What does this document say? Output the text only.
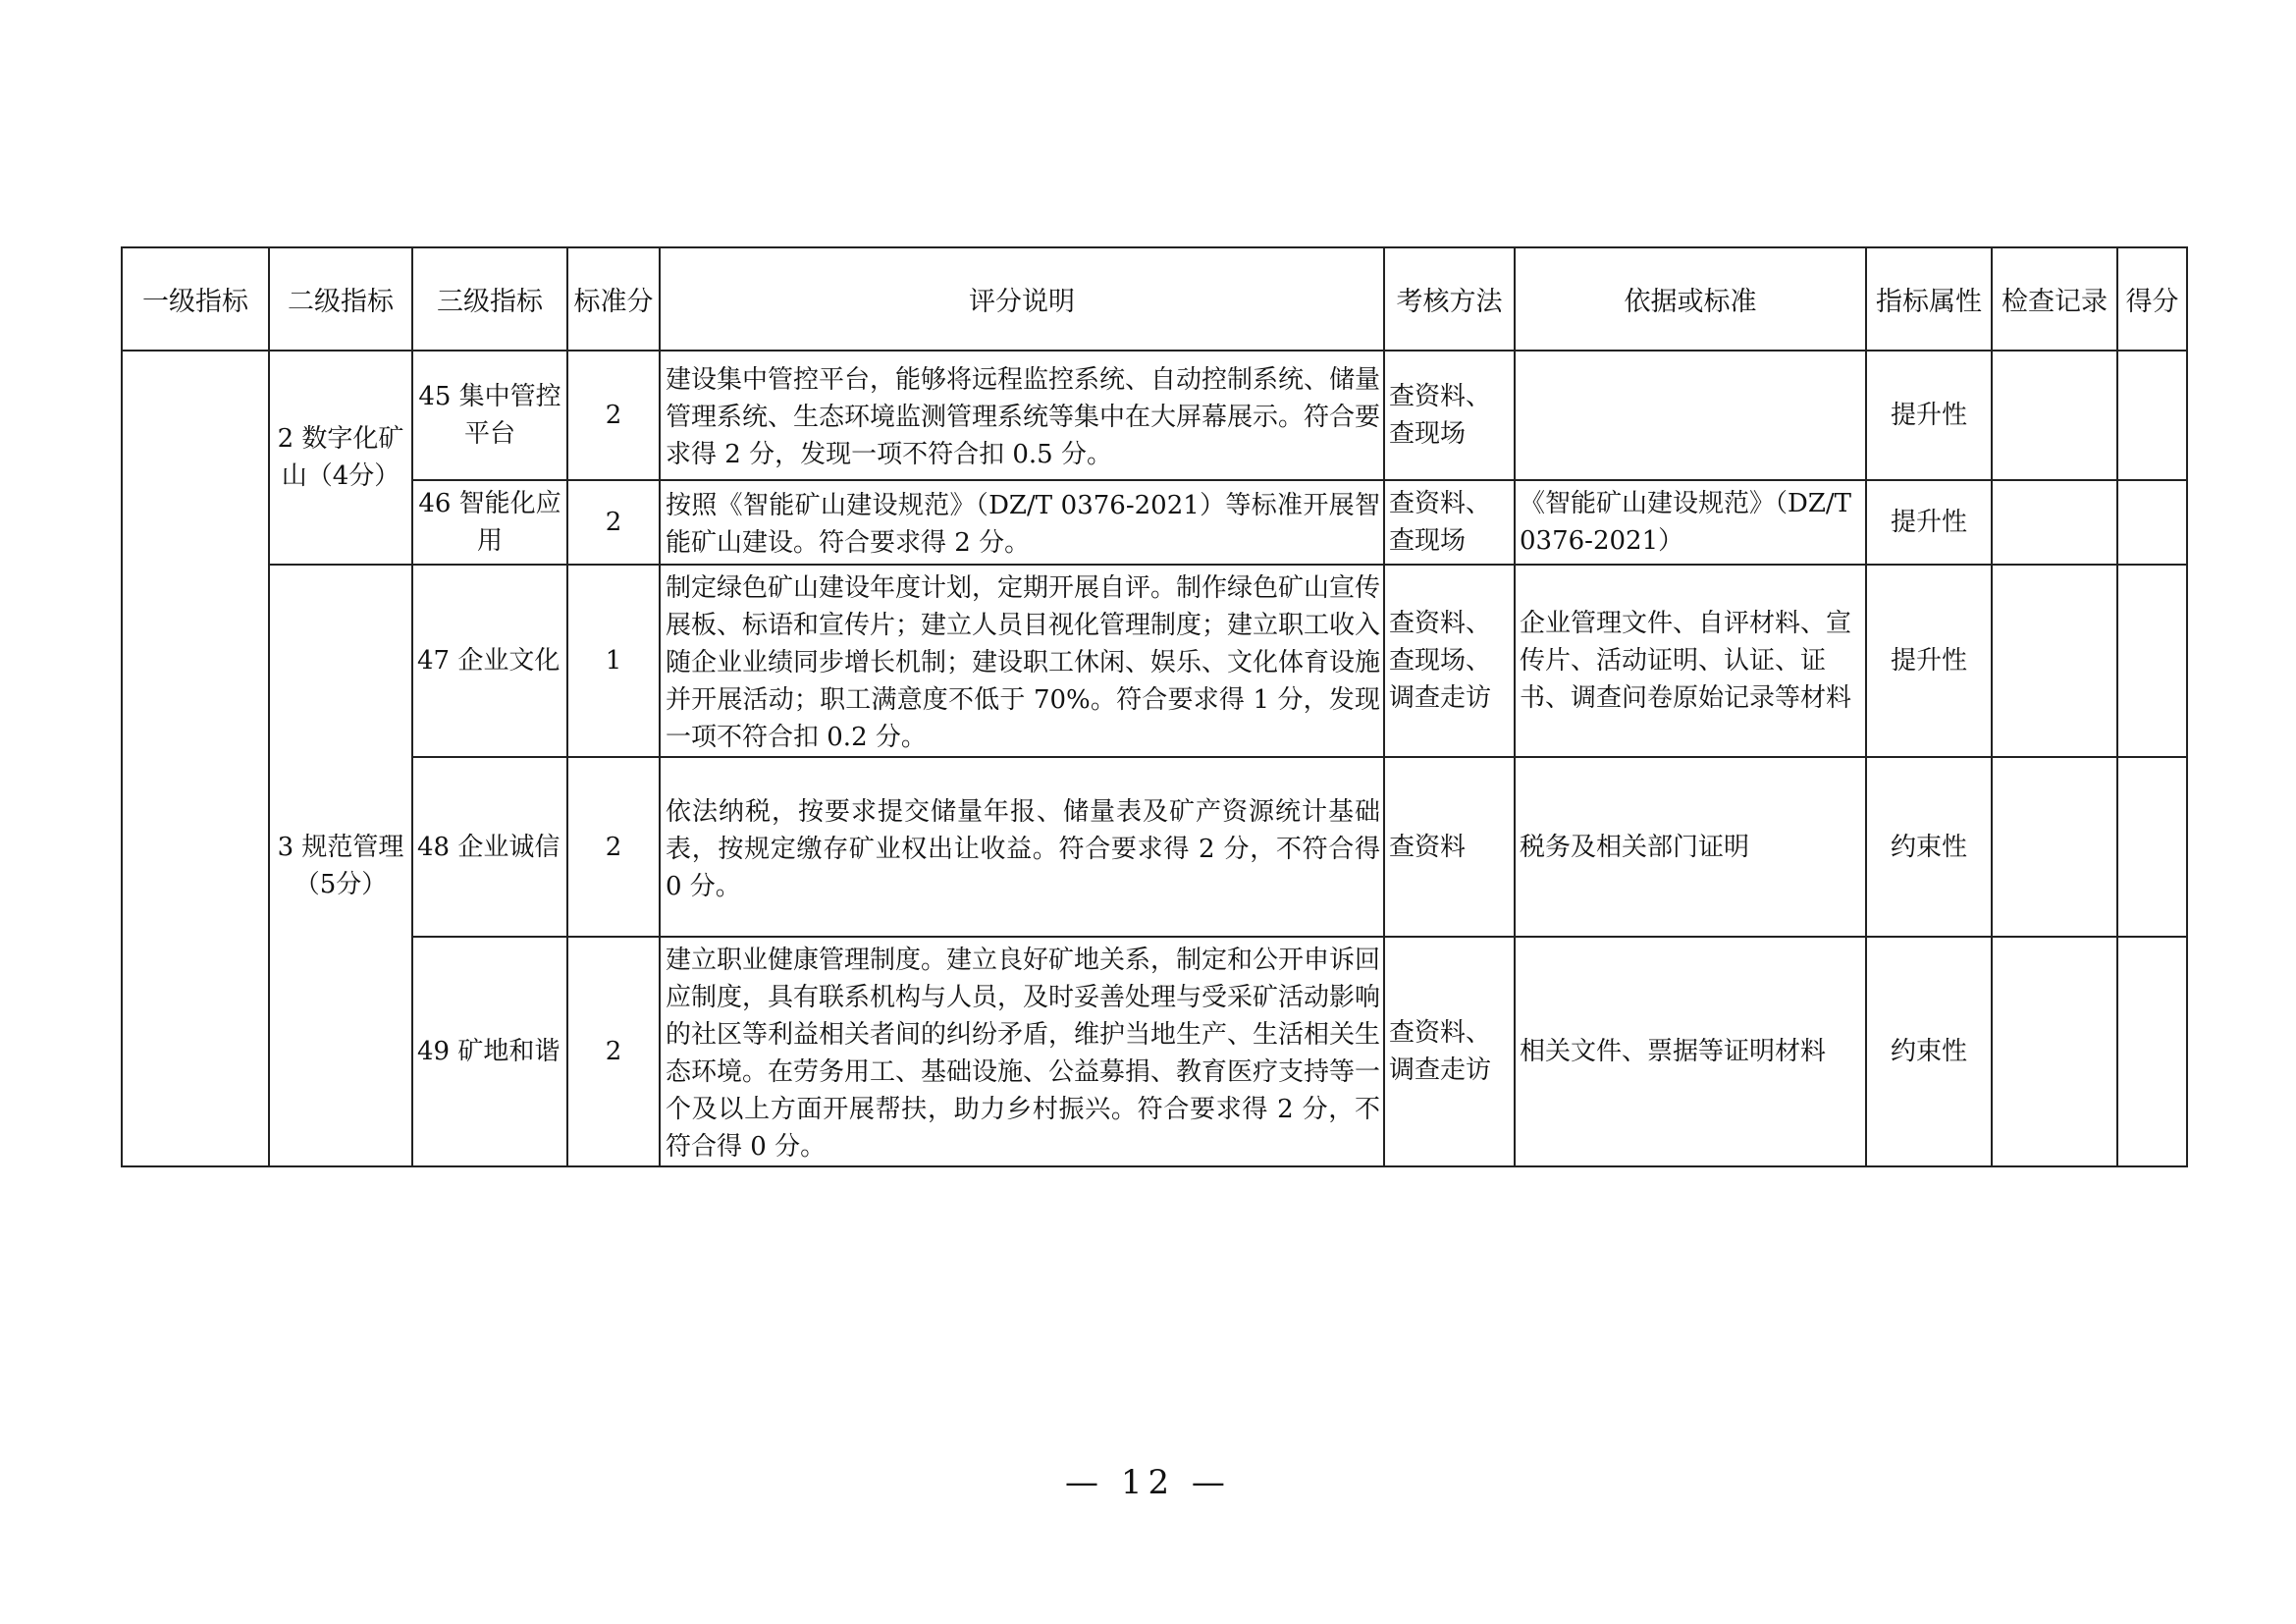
一级指标	二级指标	三级指标	标准分	评分说明	考核方法	依据或标准	指标属性	检查记录	得分
	2 数字化矿山（4分）	45 集中管控平台	2	建设集中管控平台，能够将远程监控系统、自动控制系统、储量管理系统、生态环境监测管理系统等集中在大屏幕展示。符合要求得 2 分，发现一项不符合扣 0.5 分。	查资料、查现场		提升性		
		46 智能化应用	2	按照《智能矿山建设规范》（DZ/T 0376-2021）等标准开展智能矿山建设。符合要求得 2 分。	查资料、查现场	《智能矿山建设规范》（DZ/T 0376-2021）	提升性		
	3 规范管理（5分）	47 企业文化	1	制定绿色矿山建设年度计划，定期开展自评。制作绿色矿山宣传展板、标语和宣传片；建立人员目视化管理制度；建立职工收入随企业业绩同步增长机制；建设职工休闲、娱乐、文化体育设施并开展活动；职工满意度不低于 70%。符合要求得 1 分，发现一项不符合扣 0.2 分。	查资料、查现场、调查走访	企业管理文件、自评材料、宣传片、活动证明、认证、证书、调查问卷原始记录等材料	提升性		
		48 企业诚信	2	依法纳税，按要求提交储量年报、储量表及矿产资源统计基础表，按规定缴存矿业权出让收益。符合要求得 2 分，不符合得 0 分。	查资料	税务及相关部门证明	约束性		
		49 矿地和谐	2	建立职业健康管理制度。建立良好矿地关系，制定和公开申诉回应制度，具有联系机构与人员，及时妥善处理与受采矿活动影响的社区等利益相关者间的纠纷矛盾，维护当地生产、生活相关生态环境。在劳务用工、基础设施、公益募捐、教育医疗支持等一个及以上方面开展帮扶，助力乡村振兴。符合要求得 2 分，不符合得 0 分。	查资料、调查走访	相关文件、票据等证明材料	约束性		
— 12 —
